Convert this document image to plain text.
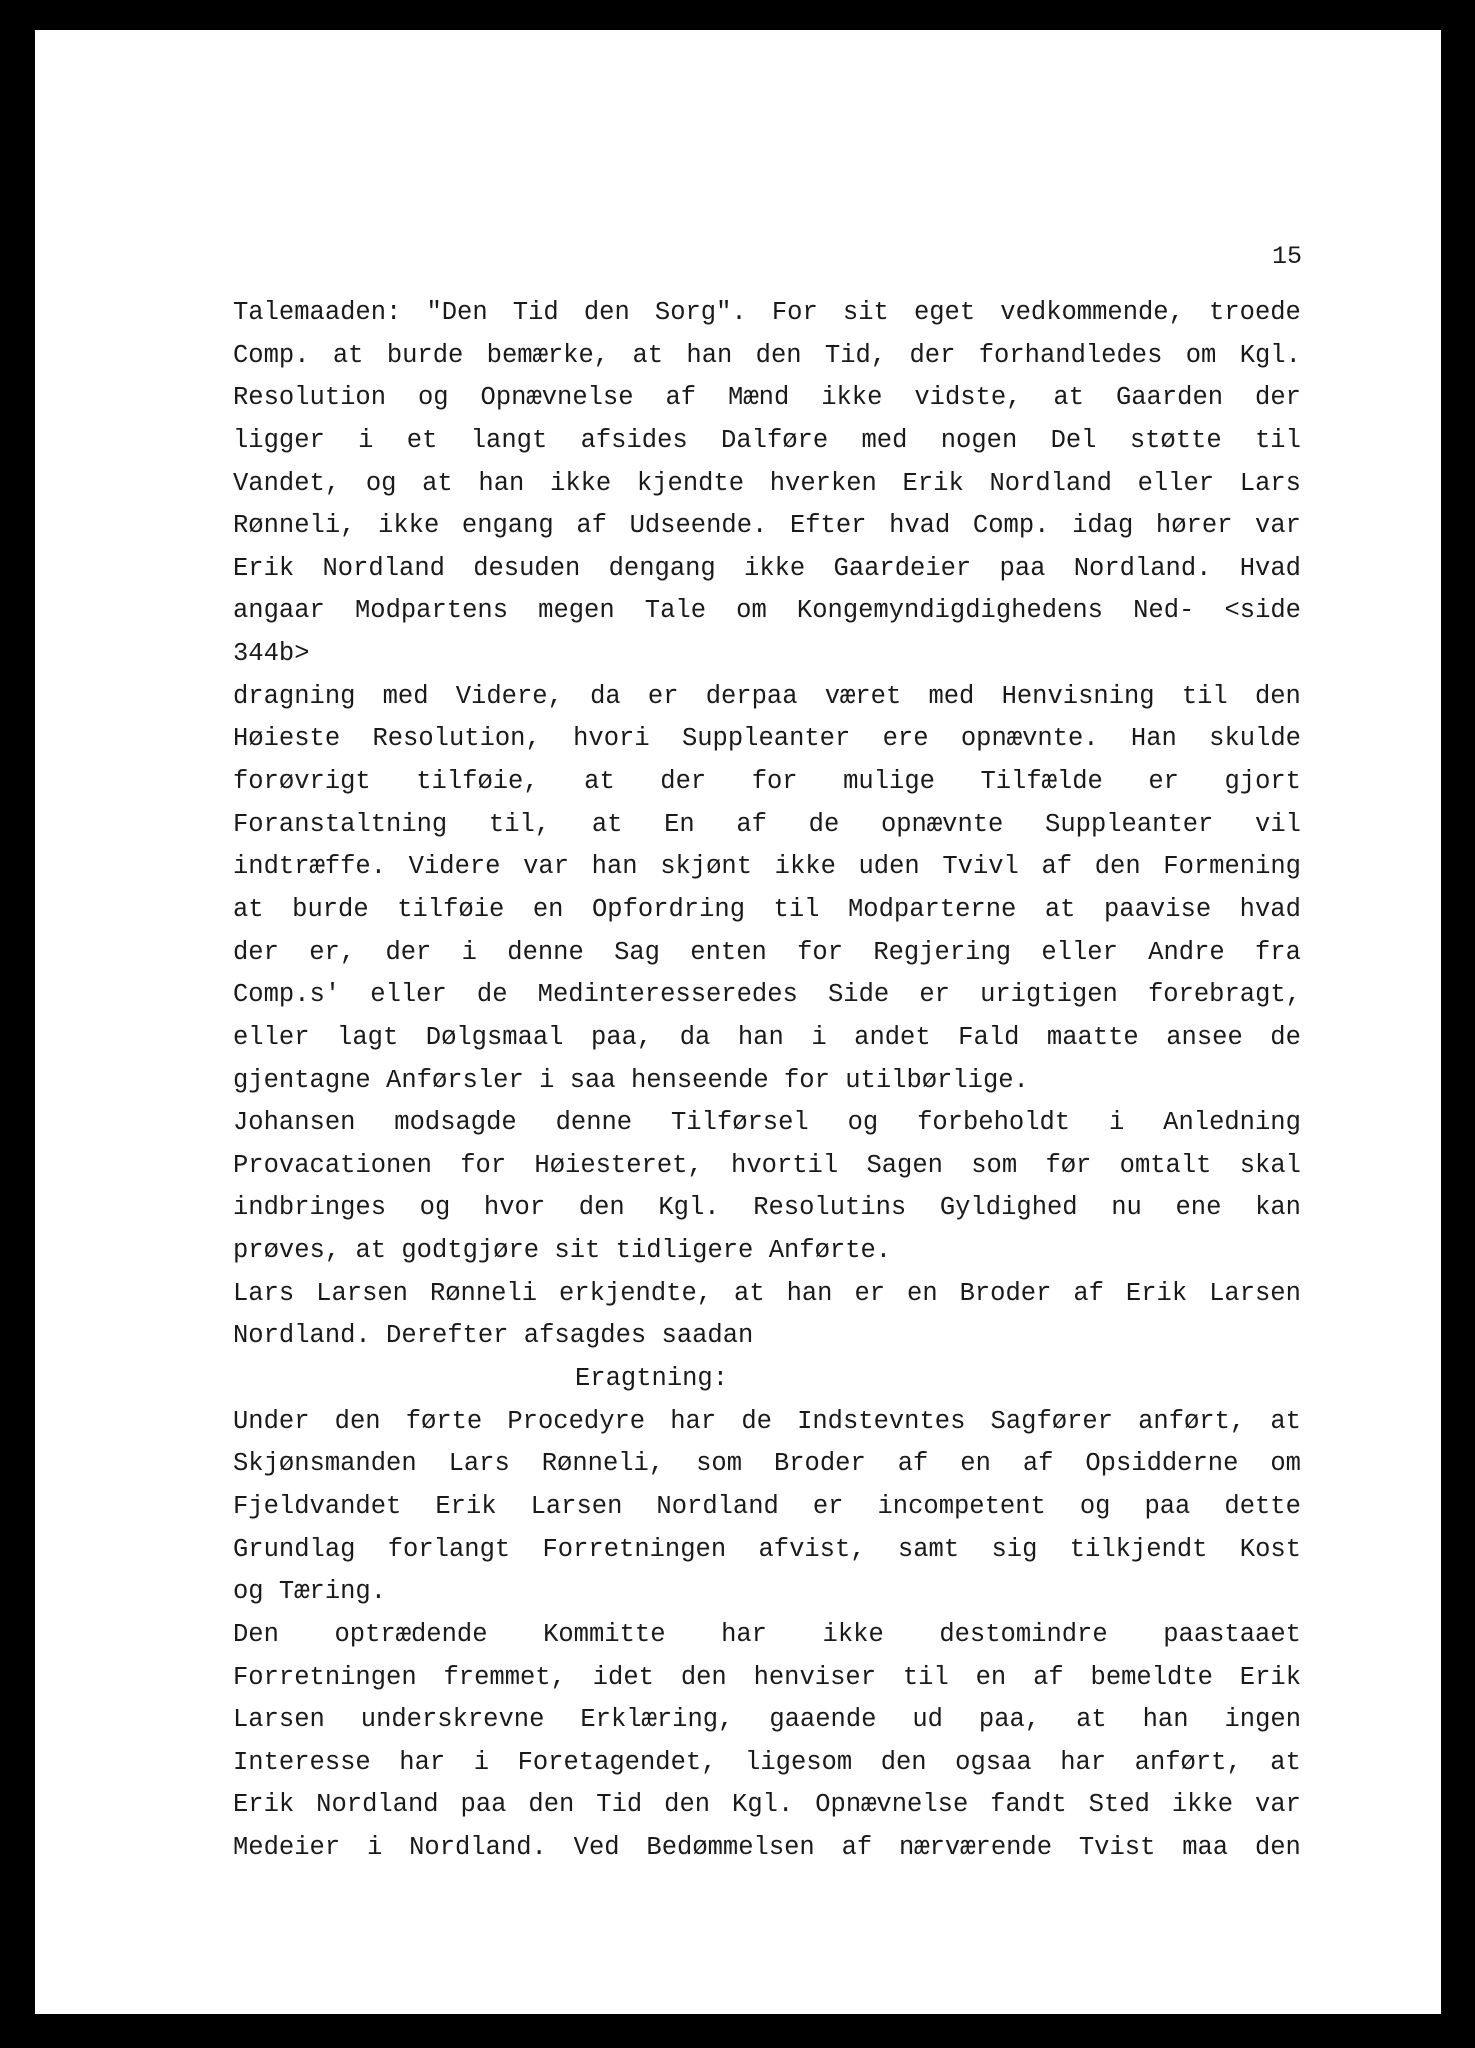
15
Talemaaden: "Den Tid den Sorg". For sit eget vedkommende, troede
Comp. at burde bemærke, at han den Tid, der forhandledes om Kgl.
Resolution og Opnævnelse af Mænd ikke vidste, at Gaarden der
ligger i et langt afsides Dalføre med nogen Del støtte til
Vandet, og at han ikke kjendte hverken Erik Nordland eller Lars
Rønneli, ikke engang af Udseende. Efter hvad Comp. idag hører var
Erik Nordland desuden dengang ikke Gaardeier paa Nordland. Hvad
angaar Modpartens megen Tale om Kongemyndigdighedens Ned- <side
344b>
dragning med Videre, da er derpaa været med Henvisning til den
Høieste Resolution, hvori Suppleanter ere opnævnte. Han skulde
forøvrigt tilføie, at der for mulige Tilfælde er gjort
Foranstaltning til, at En af de opnævnte Suppleanter vil
indtræffe. Videre var han skjønt ikke uden Tvivl af den Formening
at burde tilføie en Opfordring til Modparterne at paavise hvad
der er, der i denne Sag enten for Regjering eller Andre fra
Comp.s' eller de Medinteresseredes Side er urigtigen forebragt,
eller lagt Dølgsmaal paa, da han i andet Fald maatte ansee de
gjentagne Anførsler i saa henseende for utilbørlige.
Johansen modsagde denne Tilførsel og forbeholdt i Anledning
Provacationen for Høiesteret, hvortil Sagen som før omtalt skal
indbringes og hvor den Kgl. Resolutins Gyldighed nu ene kan
prøves, at godtgjøre sit tidligere Anførte.
Lars Larsen Rønneli erkjendte, at han er en Broder af Erik Larsen
Nordland. Derefter afsagdes saadan
Eragtning:
Under den førte Procedyre har de Indstevntes Sagfører anført, at
Skjønsmanden Lars Rønneli, som Broder af en af Opsidderne om
Fjeldvandet Erik Larsen Nordland er incompetent og paa dette
Grundlag forlangt Forretningen afvist, samt sig tilkjendt Kost
og Tæring.
Den optrædende Kommitte har ikke destomindre paastaaet
Forretningen fremmet, idet den henviser til en af bemeldte Erik
Larsen underskrevne Erklæring, gaaende ud paa, at han ingen
Interesse har i Foretagendet, ligesom den ogsaa har anført, at
Erik Nordland paa den Tid den Kgl. Opnævnelse fandt Sted ikke var
Medeier i Nordland. Ved Bedømmelsen af nærværende Tvist maa den
